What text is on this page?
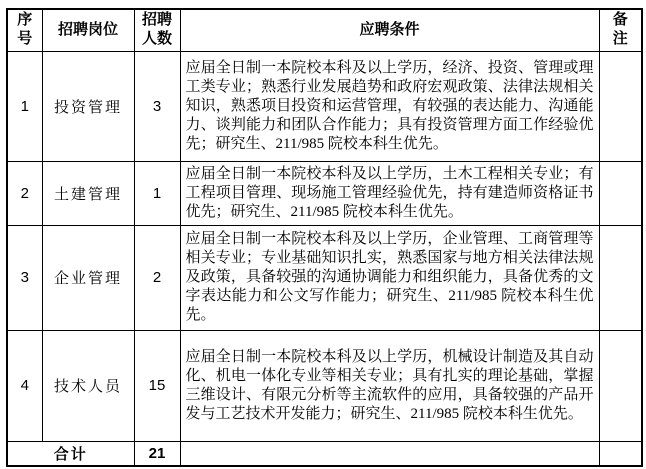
序号	招聘岗位	招聘人数	应聘条件	备注

1	投资管理	3	应届全日制一本院校本科及以上学历，经济、投资、管理或理工类专业；熟悉行业发展趋势和政府宏观政策、法律法规相关知识，熟悉项目投资和运营管理，有较强的表达能力、沟通能力、谈判能力和团队合作能力；具有投资管理方面工作经验优先；研究生、211/985 院校本科生优先。	
2	土建管理	1	应届全日制一本院校本科及以上学历，土木工程相关专业；有工程项目管理、现场施工管理经验优先，持有建造师资格证书优先；研究生、211/985 院校本科生优先。	
3	企业管理	2	应届全日制一本院校本科及以上学历，企业管理、工商管理等相关专业；专业基础知识扎实，熟悉国家与地方相关法律法规及政策，具备较强的沟通协调能力和组织能力，具备优秀的文字表达能力和公文写作能力；研究生、211/985 院校本科生优先。	
4	技术人员	15	应届全日制一本院校本科及以上学历，机械设计制造及其自动化、机电一体化专业等相关专业；具有扎实的理论基础，掌握三维设计、有限元分析等主流软件的应用，具备较强的产品开发与工艺技术开发能力；研究生、211/985 院校本科生优先。	
合计		21		
